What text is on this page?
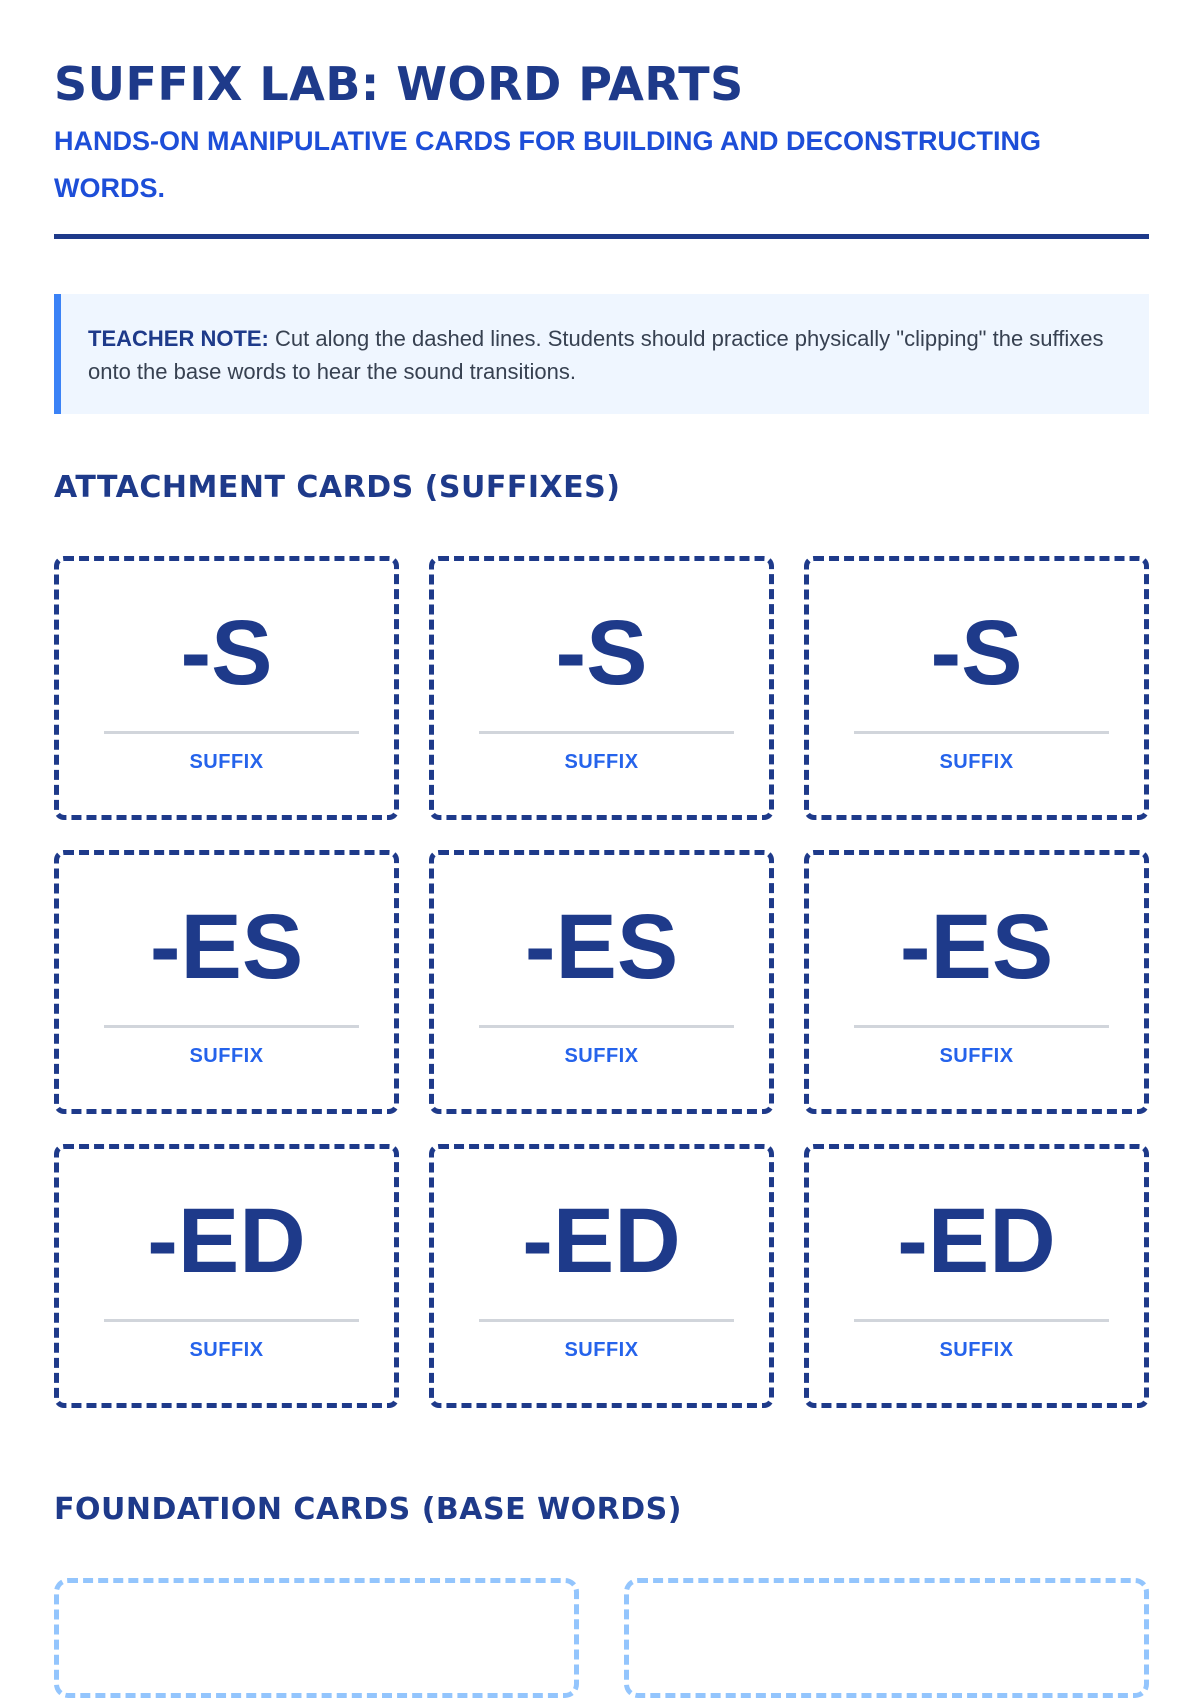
SUFFIX LAB: WORD PARTS

HANDS-ON MANIPULATIVE CARDS FOR BUILDING AND DECONSTRUCTING WORDS.

TEACHER NOTE: Cut along the dashed lines. Students should practice physically "clipping" the suffixes onto the base words to hear the sound transitions.
ATTACHMENT CARDS (SUFFIXES)
-S
SUFFIX
-S
SUFFIX
-S
SUFFIX
-ES
SUFFIX
-ES
SUFFIX
-ES
SUFFIX
-ED
SUFFIX
-ED
SUFFIX
-ED
SUFFIX
FOUNDATION CARDS (BASE WORDS)
